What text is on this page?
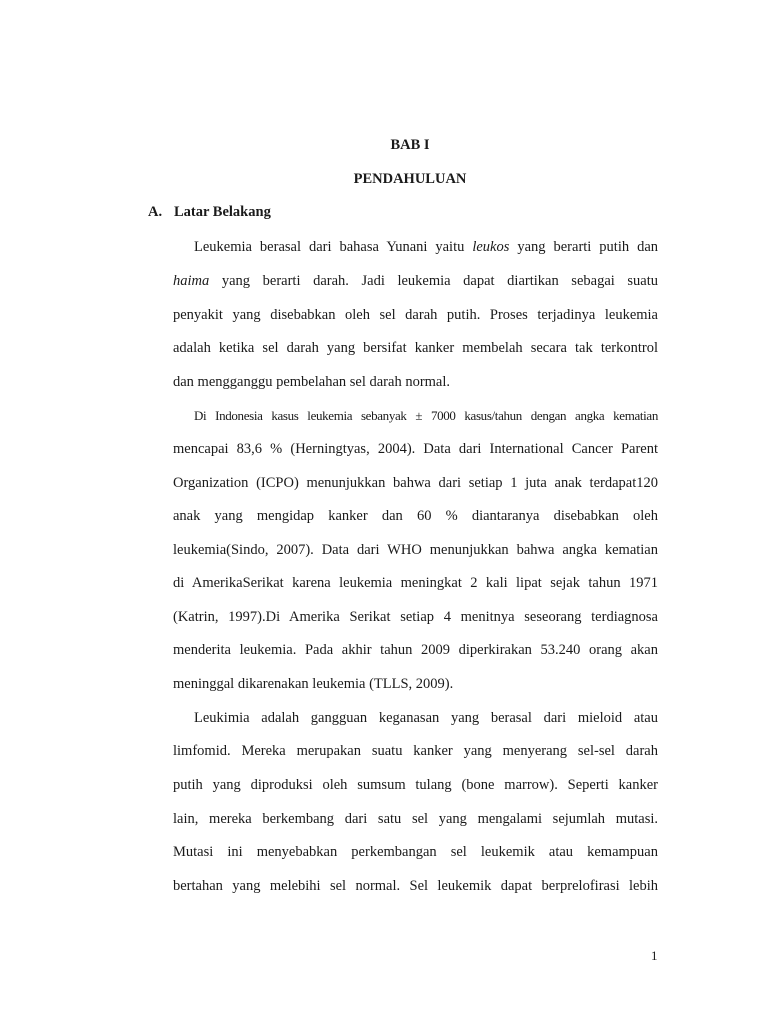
BAB I
PENDAHULUAN
A. Latar Belakang
Leukemia berasal dari bahasa Yunani yaitu leukos yang berarti putih dan
haima yang berarti darah. Jadi leukemia dapat diartikan sebagai suatu
penyakit yang disebabkan oleh sel darah putih. Proses terjadinya leukemia
adalah ketika sel darah yang bersifat kanker membelah secara tak terkontrol
dan mengganggu pembelahan sel darah normal.
Di Indonesia kasus leukemia sebanyak ± 7000 kasus/tahun dengan angka kematian
mencapai 83,6 % (Herningtyas, 2004). Data dari International Cancer Parent
Organization (ICPO) menunjukkan bahwa dari setiap 1 juta anak terdapat120
anak yang mengidap kanker dan 60 % diantaranya disebabkan oleh
leukemia(Sindo, 2007). Data dari WHO menunjukkan bahwa angka kematian
di AmerikaSerikat karena leukemia meningkat 2 kali lipat sejak tahun 1971
(Katrin, 1997).Di Amerika Serikat setiap 4 menitnya seseorang terdiagnosa
menderita leukemia. Pada akhir tahun 2009 diperkirakan 53.240 orang akan
meninggal dikarenakan leukemia (TLLS, 2009).
Leukimia adalah gangguan keganasan yang berasal dari mieloid atau
limfomid. Mereka merupakan suatu kanker yang menyerang sel-sel darah
putih yang diproduksi oleh sumsum tulang (bone marrow). Seperti kanker
lain, mereka berkembang dari satu sel yang mengalami sejumlah mutasi.
Mutasi ini menyebabkan perkembangan sel leukemik atau kemampuan
bertahan yang melebihi sel normal. Sel leukemik dapat berprelofirasi lebih
1
